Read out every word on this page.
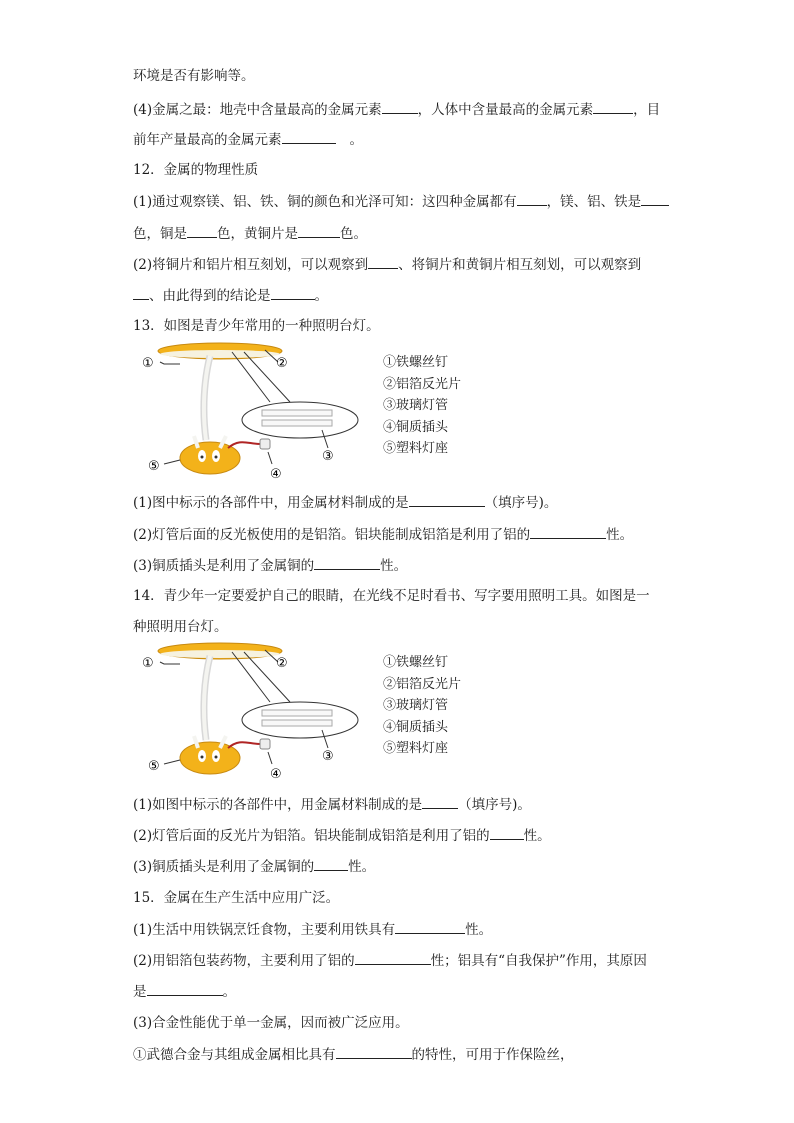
环境是否有影响等。
(4)金属之最：地壳中含量最高的金属元素	，人体中含量最高的金属元素	，目
前年产量最高的金属元素	。
12．金属的物理性质
(1)通过观察镁、铝、铁、铜的颜色和光泽可知：这四种金属都有 ，镁、铝、铁是
色，铜是 色，黄铜片是	色。
(2)将铜片和铝片相互刻划，可以观察到 、将铜片和黄铜片相互刻划，可以观察到
、由此得到的结论是	。
13．如图是青少年常用的一种照明台灯。
①	②
③
④
⑤
①铁螺丝钉
②铝箔反光片
③玻璃灯管
④铜质插头
⑤塑料灯座
(1)图中标示的各部件中，用金属材料制成的是	（填序号)。
(2)灯管后面的反光板使用的是铝箔。铝块能制成铝箔是利用了铝的	性。
(3)铜质插头是利用了金属铜的	性。
14．青少年一定要爱护自己的眼睛，在光线不足时看书、写字要用照明工具。如图是一
种照明用台灯。
①	②
③
④
⑤
①铁螺丝钉
②铝箔反光片
③玻璃灯管
④铜质插头
⑤塑料灯座
(1)如图中标示的各部件中，用金属材料制成的是	（填序号)。
(2)灯管后面的反光片为铝箔。铝块能制成铝箔是利用了铝的	性。
(3)铜质插头是利用了金属铜的	性。
15．金属在生产生活中应用广泛。
(1)生活中用铁锅烹饪食物，主要利用铁具有	性。
(2)用铝箔包装药物，主要利用了铝的	性；铝具有“自我保护”作用，其原因
是	。
(3)合金性能优于单一金属，因而被广泛应用。
①武德合金与其组成金属相比具有	的特性，可用于作保险丝，
